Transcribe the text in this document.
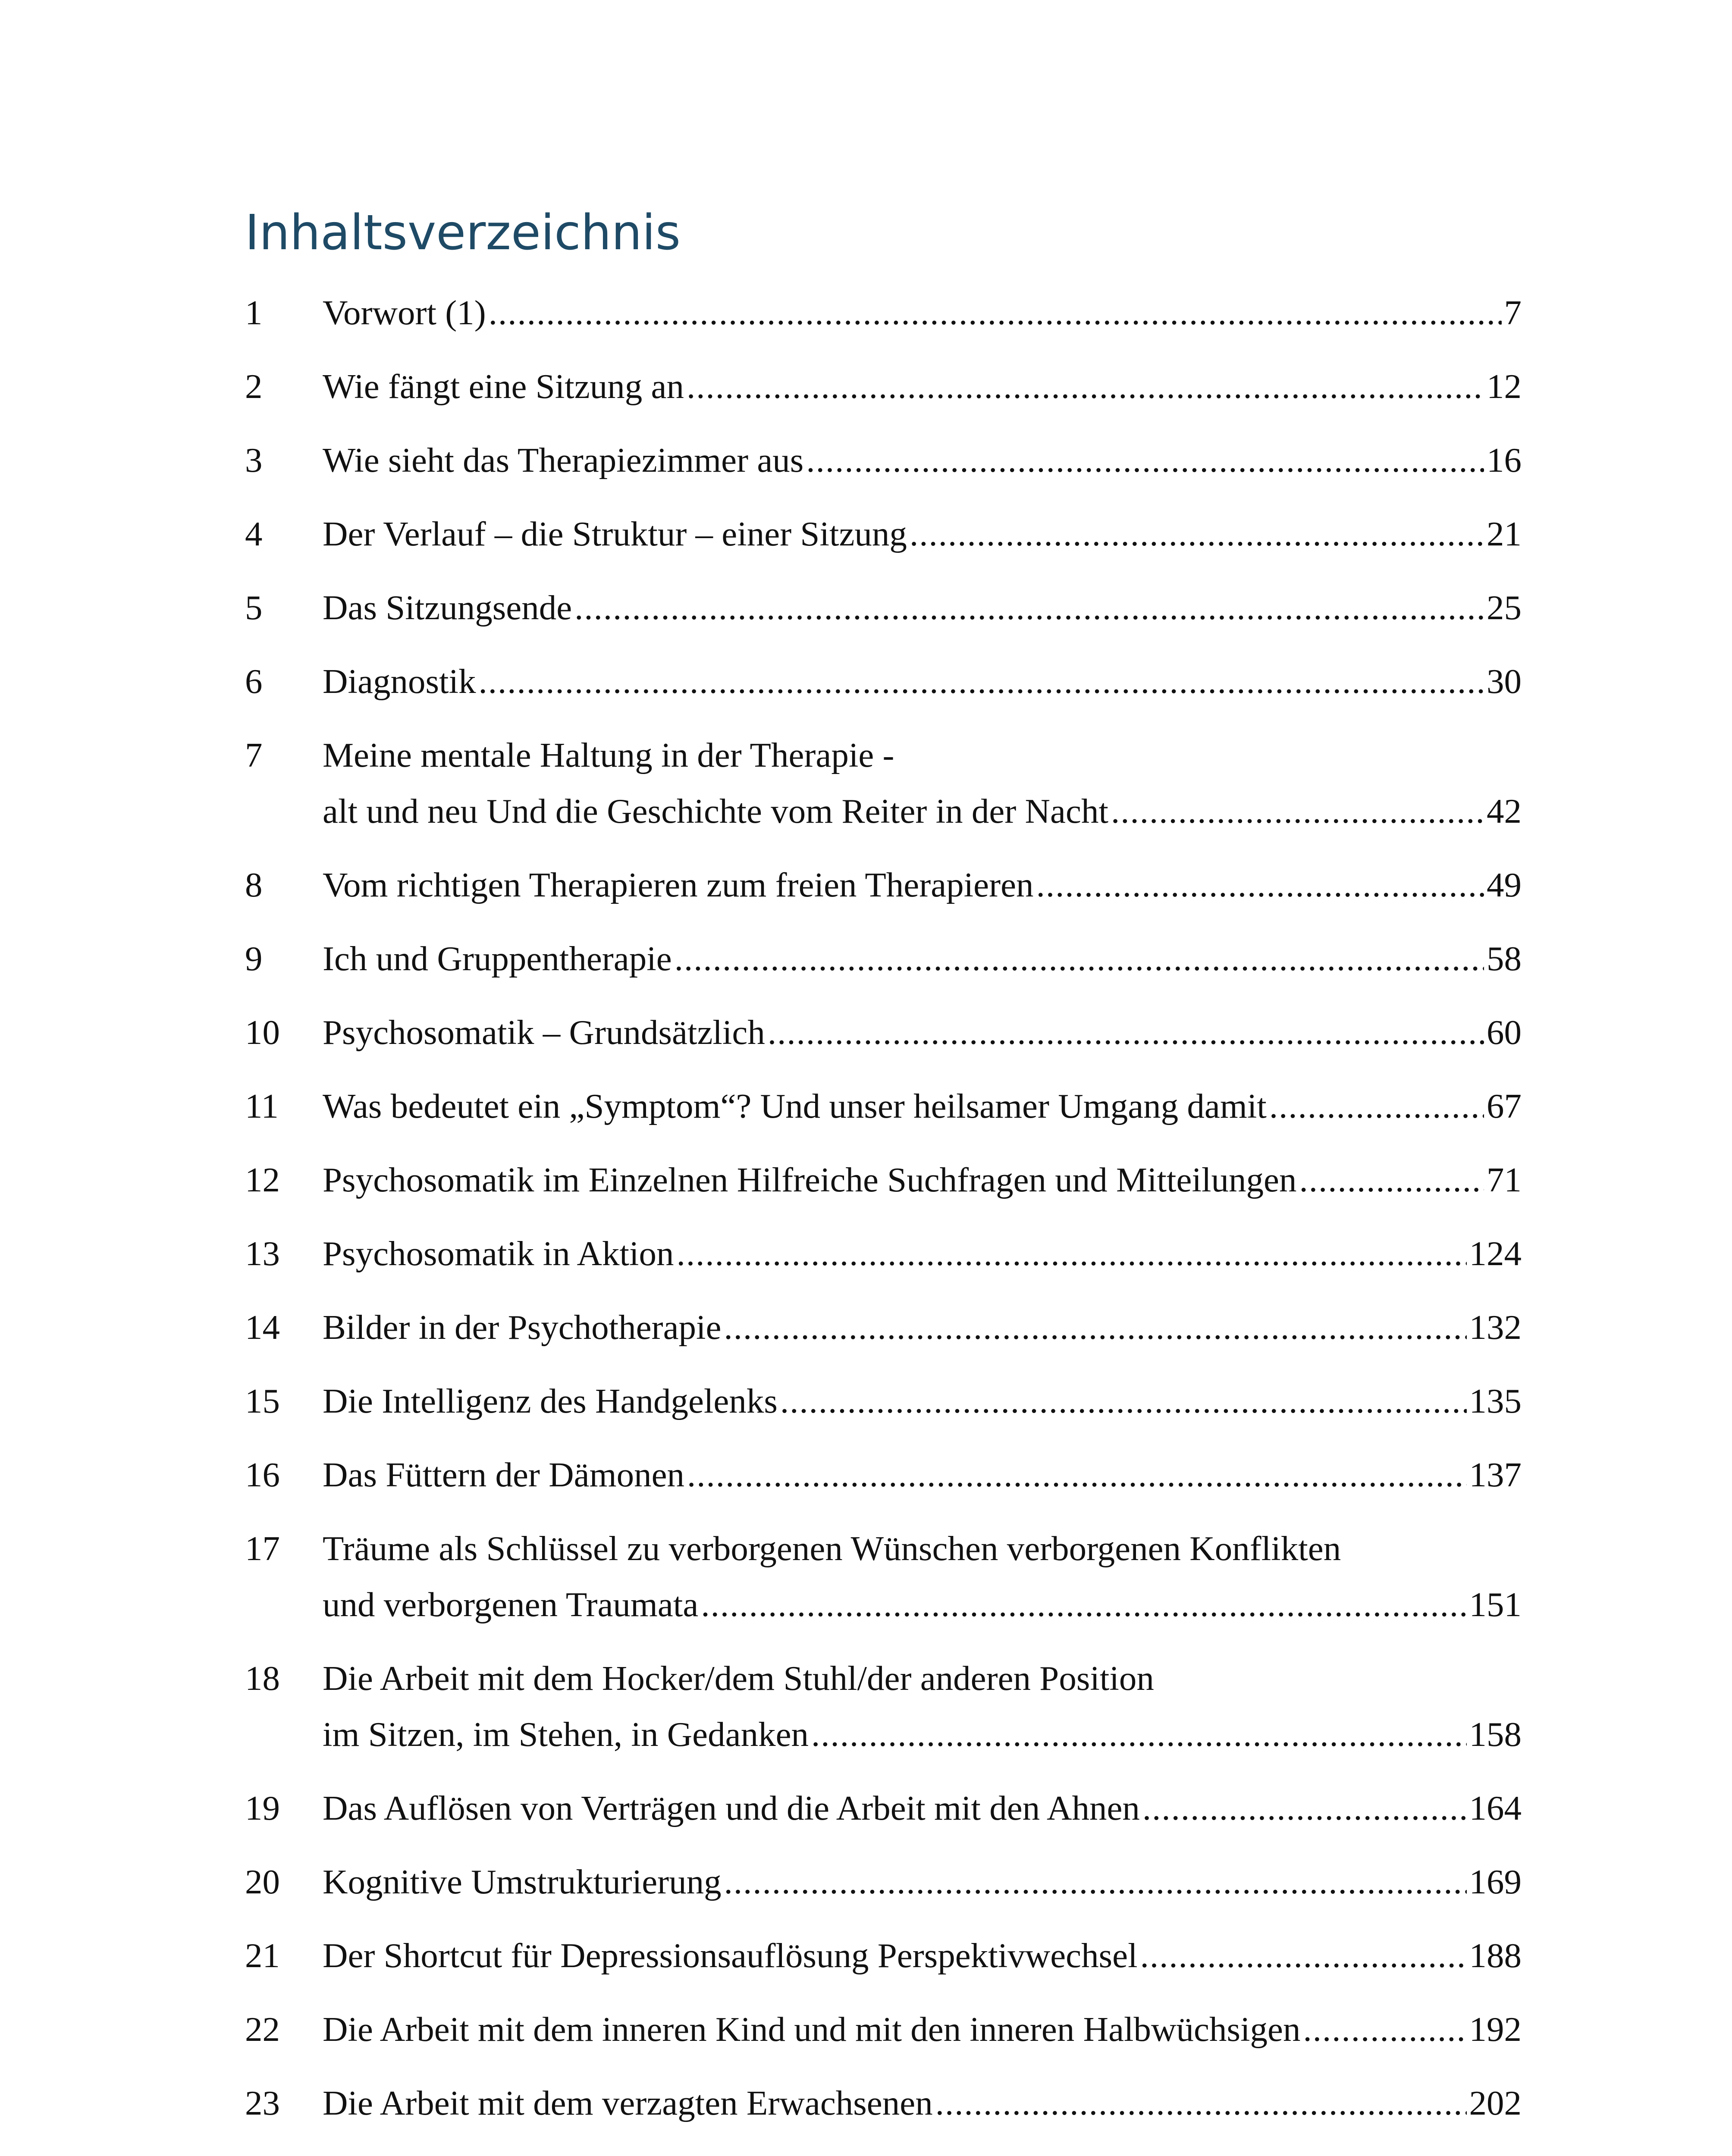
Inhaltsverzeichnis
1	Vorwort (1) .....	7
2	Wie fängt eine Sitzung an .....	12
3	Wie sieht das Therapiezimmer aus .....	16
4	Der Verlauf – die Struktur – einer Sitzung .....	21
5	Das Sitzungsende .....	25
6	Diagnostik .....	30
7	Meine mentale Haltung in der Therapie -
alt und neu Und die Geschichte vom Reiter in der Nacht .....	42
8	Vom richtigen Therapieren zum freien Therapieren .....	49
9	Ich und Gruppentherapie .....	58
10	Psychosomatik – Grundsätzlich .....	60
11	Was bedeutet ein „Symptom“? Und unser heilsamer Umgang damit .....	67
12	Psychosomatik im Einzelnen Hilfreiche Suchfragen und Mitteilungen .....	71
13	Psychosomatik in Aktion .....	124
14	Bilder in der Psychotherapie .....	132
15	Die Intelligenz des Handgelenks .....	135
16	Das Füttern der Dämonen .....	137
17	Träume als Schlüssel zu verborgenen Wünschen verborgenen Konflikten
und verborgenen Traumata .....	151
18	Die Arbeit mit dem Hocker/dem Stuhl/der anderen Position
im Sitzen, im Stehen, in Gedanken .....	158
19	Das Auflösen von Verträgen und die Arbeit mit den Ahnen .....	164
20	Kognitive Umstrukturierung .....	169
21	Der Shortcut für Depressionsauflösung Perspektivwechsel .....	188
22	Die Arbeit mit dem inneren Kind und mit den inneren Halbwüchsigen .....	192
23	Die Arbeit mit dem verzagten Erwachsenen .....	202
